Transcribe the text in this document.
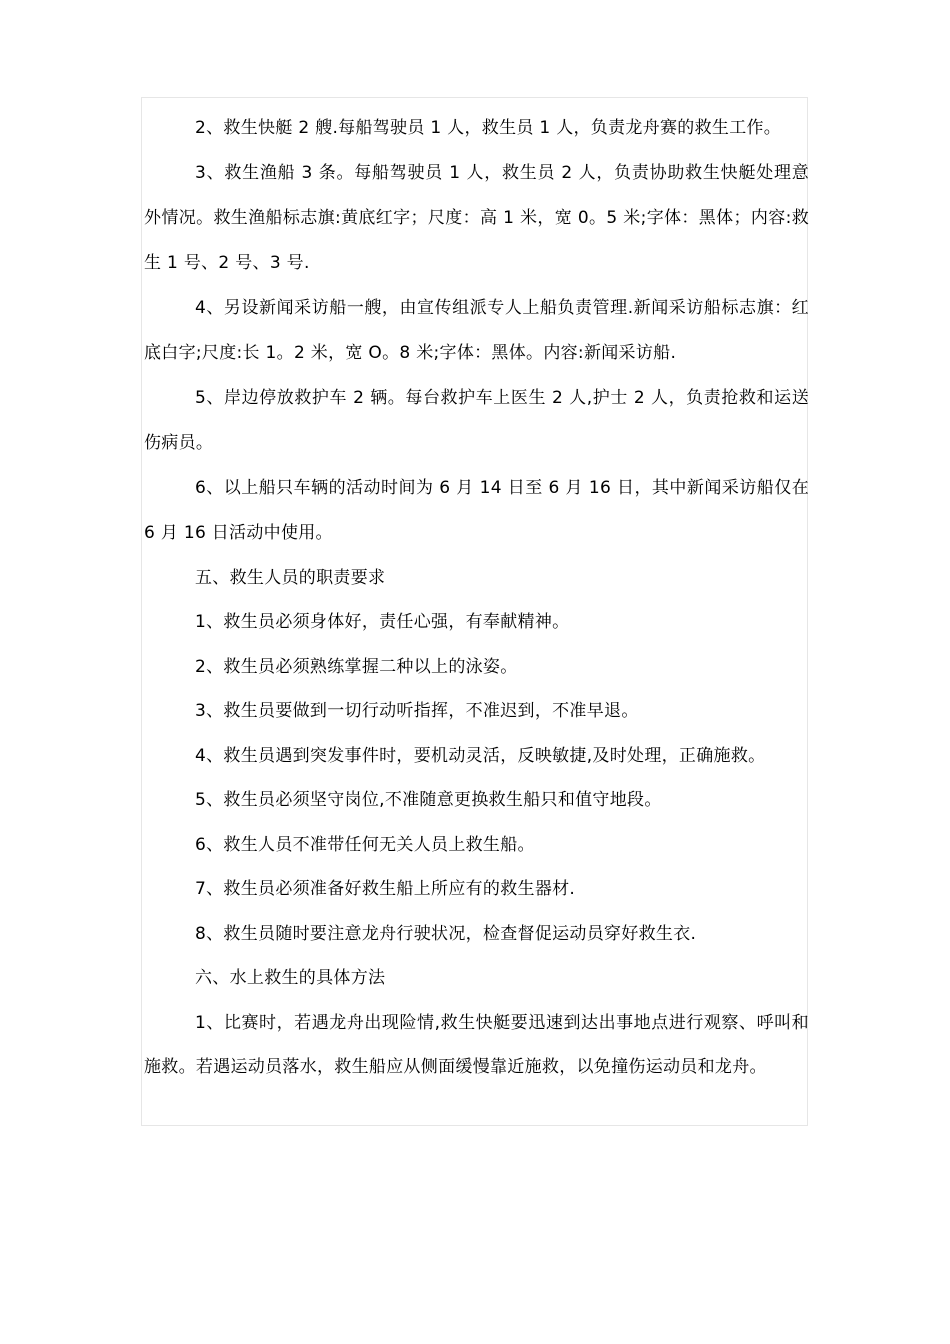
2、救生快艇 2 艘.每船驾驶员 1 人，救生员 1 人，负责龙舟赛的救生工作。

3、救生渔船 3 条。每船驾驶员 1 人，救生员 2 人，负责协助救生快艇处理意外情况。救生渔船标志旗:黄底红字；尺度：高 1 米，宽 0。5 米;字体：黑体；内容:救生 1 号、2 号、3 号.

4、另设新闻采访船一艘，由宣传组派专人上船负责管理.新闻采访船标志旗：红底白字;尺度:长 1。2 米，宽 O。8 米;字体：黑体。内容:新闻采访船.

5、岸边停放救护车 2 辆。每台救护车上医生 2 人,护士 2 人，负责抢救和运送伤病员。

6、以上船只车辆的活动时间为 6 月 14 日至 6 月 16 日，其中新闻采访船仅在 6 月 16 日活动中使用。

五、救生人员的职责要求

1、救生员必须身体好，责任心强，有奉献精神。

2、救生员必须熟练掌握二种以上的泳姿。

3、救生员要做到一切行动听指挥，不准迟到，不准早退。

4、救生员遇到突发事件时，要机动灵活，反映敏捷,及时处理，正确施救。

5、救生员必须坚守岗位,不准随意更换救生船只和值守地段。

6、救生人员不准带任何无关人员上救生船。

7、救生员必须准备好救生船上所应有的救生器材.

8、救生员随时要注意龙舟行驶状况，检查督促运动员穿好救生衣.

六、水上救生的具体方法

1、比赛时，若遇龙舟出现险情,救生快艇要迅速到达出事地点进行观察、呼叫和施救。若遇运动员落水，救生船应从侧面缓慢靠近施救，以免撞伤运动员和龙舟。
